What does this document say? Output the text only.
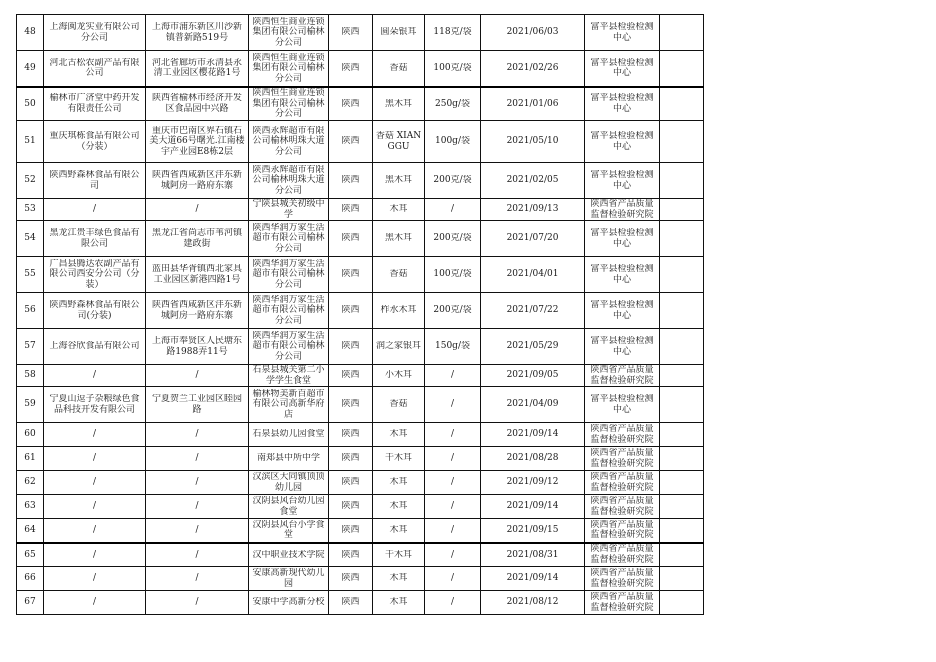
48	上海闽龙实业有限公司分公司	上海市浦东新区川沙新镇普新路519号	陕西恒生商业连锁集团有限公司榆林分公司	陕西	圆朵银耳	118克/袋	2021/06/03	富平县检验检测中心	

49	河北古松农副产品有限公司	河北省廊坊市永清县永清工业园区樱花路1号	陕西恒生商业连锁集团有限公司榆林分公司	陕西	香菇	100克/袋	2021/02/26	富平县检验检测中心	

50	榆林市广济堂中药开发有限责任公司	陕西省榆林市经济开发区食品园中兴路	陕西恒生商业连锁集团有限公司榆林分公司	陕西	黑木耳	250g/袋	2021/01/06	富平县检验检测中心	

51	重庆琪栋食品有限公司（分装）	重庆市巴南区界石镇石美大道66号曙光.江南楼宇产业园E8栋2层	陕西永辉超市有限公司榆林明珠大道分公司	陕西	香菇 XIANGGU	100g/袋	2021/05/10	富平县检验检测中心	

52	陕西野森林食品有限公司	陕西省西咸新区沣东新城阿房一路府东寨	陕西永辉超市有限公司榆林明珠大道分公司	陕西	黑木耳	200克/袋	2021/02/05	富平县检验检测中心	

53	/	/	宁陕县城关初级中学	陕西	木耳	/	2021/09/13	陕西省产品质量监督检验研究院	

54	黑龙江贵丰绿色食品有限公司	黑龙江省尚志市苇河镇建政街	陕西华润万家生活超市有限公司榆林分公司	陕西	黑木耳	200克/袋	2021/07/20	富平县检验检测中心	

55	广昌县腾达农副产品有限公司西安分公司（分装）	蓝田县华胥镇西北家具工业园区新港四路1号	陕西华润万家生活超市有限公司榆林分公司	陕西	香菇	100克/袋	2021/04/01	富平县检验检测中心	

56	陕西野森林食品有限公司(分装)	陕西省西咸新区沣东新城阿房一路府东寨	陕西华润万家生活超市有限公司榆林分公司	陕西	柞水木耳	200克/袋	2021/07/22	富平县检验检测中心	

57	上海谷欣食品有限公司	上海市奉贤区人民塘东路1988弄11号	陕西华润万家生活超市有限公司榆林分公司	陕西	润之家银耳	150g/袋	2021/05/29	富平县检验检测中心	

58	/	/	石泉县城关第二小学学生食堂	陕西	小木耳	/	2021/09/05	陕西省产品质量监督检验研究院	

59	宁夏山逗子杂粮绿色食品科技开发有限公司	宁夏贺兰工业园区睦园路	榆林物美新百超市有限公司高新华府店	陕西	香菇	/	2021/04/09	富平县检验检测中心	

60	/	/	石泉县幼儿园食堂	陕西	木耳	/	2021/09/14	陕西省产品质量监督检验研究院	

61	/	/	南郑县中所中学	陕西	干木耳	/	2021/08/28	陕西省产品质量监督检验研究院	

62	/	/	汉滨区大同镇顶顶幼儿园	陕西	木耳	/	2021/09/12	陕西省产品质量监督检验研究院	

63	/	/	汉阴县风台幼儿园食堂	陕西	木耳	/	2021/09/14	陕西省产品质量监督检验研究院	

64	/	/	汉阴县风台小学食堂	陕西	木耳	/	2021/09/15	陕西省产品质量监督检验研究院	

65	/	/	汉中职业技术学院	陕西	干木耳	/	2021/08/31	陕西省产品质量监督检验研究院	

66	/	/	安康高新现代幼儿园	陕西	木耳	/	2021/09/14	陕西省产品质量监督检验研究院	

67	/	/	安康中学高新分校	陕西	木耳	/	2021/08/12	陕西省产品质量监督检验研究院	
